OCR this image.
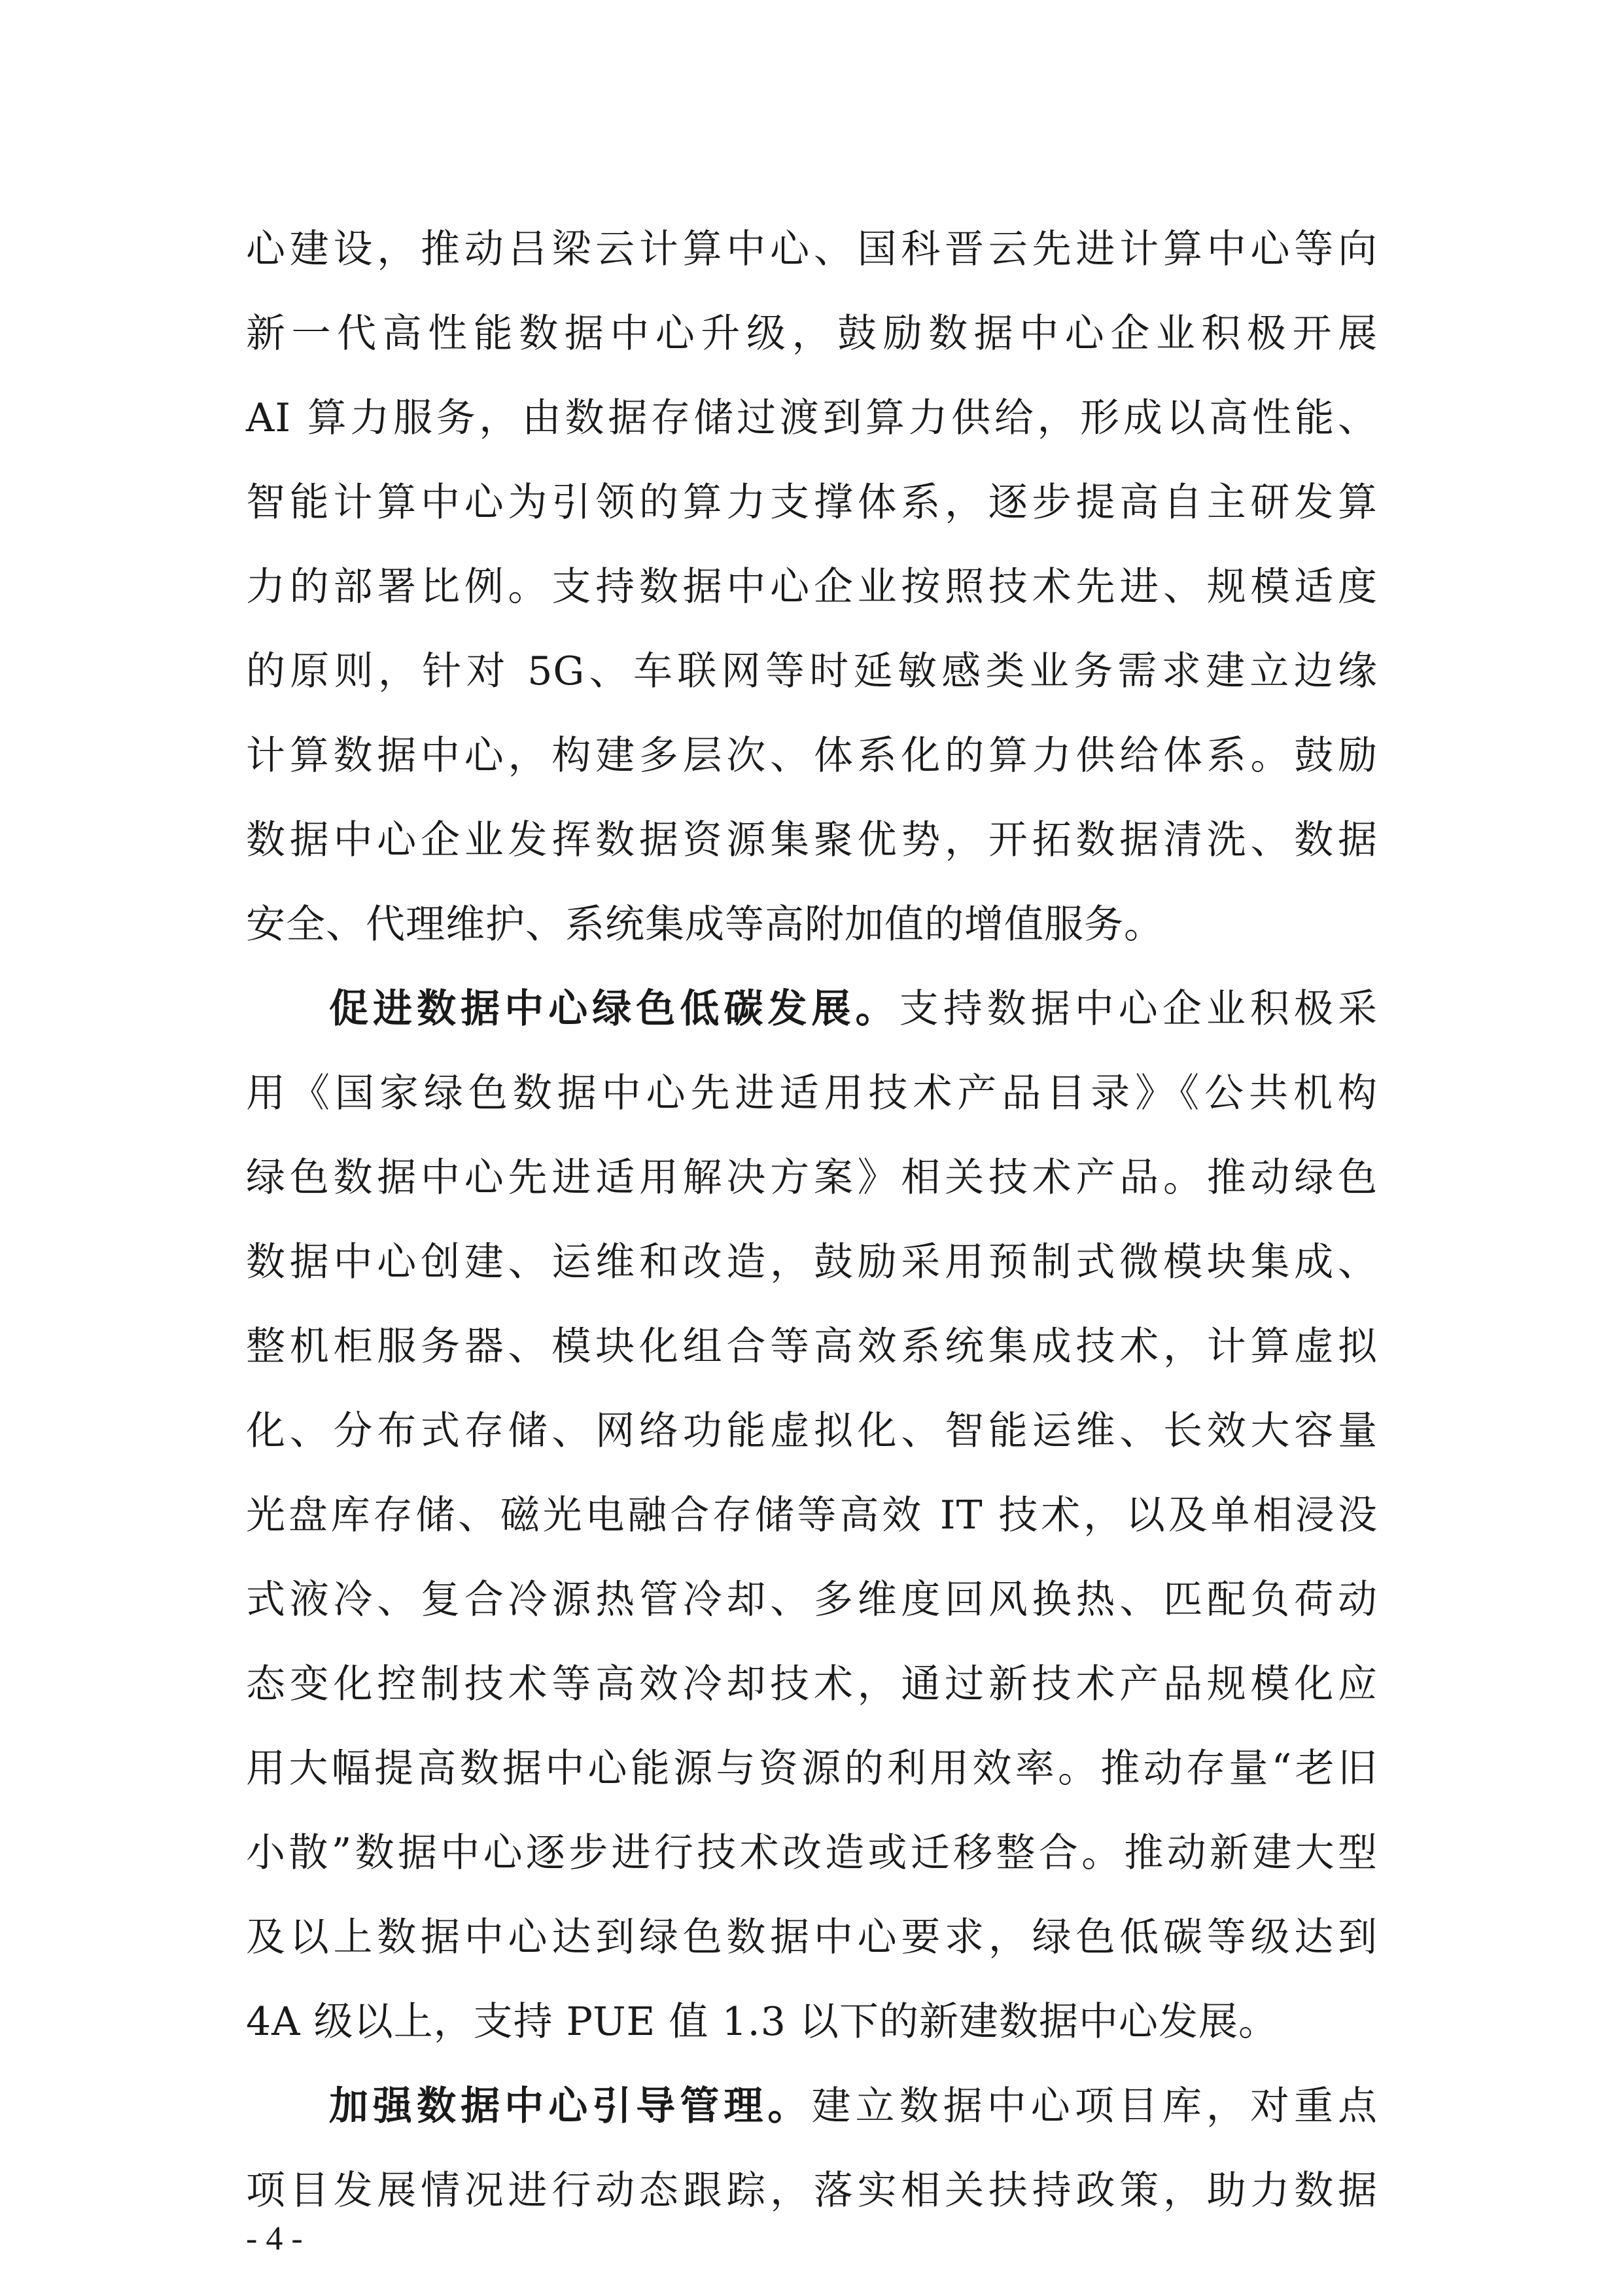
心建设，推动吕梁云计算中心、国科晋云先进计算中心等向
新一代高性能数据中心升级，鼓励数据中心企业积极开展
AI 算力服务，由数据存储过渡到算力供给，形成以高性能、
智能计算中心为引领的算力支撑体系，逐步提高自主研发算
力的部署比例。支持数据中心企业按照技术先进、规模适度
的原则，针对 5G、车联网等时延敏感类业务需求建立边缘
计算数据中心，构建多层次、体系化的算力供给体系。鼓励
数据中心企业发挥数据资源集聚优势，开拓数据清洗、数据
安全、代理维护、系统集成等高附加值的增值服务。
促进数据中心绿色低碳发展。支持数据中心企业积极采
用《国家绿色数据中心先进适用技术产品目录》《公共机构
绿色数据中心先进适用解决方案》相关技术产品。推动绿色
数据中心创建、运维和改造，鼓励采用预制式微模块集成、
整机柜服务器、模块化组合等高效系统集成技术，计算虚拟
化、分布式存储、网络功能虚拟化、智能运维、长效大容量
光盘库存储、磁光电融合存储等高效 IT 技术，以及单相浸没
式液冷、复合冷源热管冷却、多维度回风换热、匹配负荷动
态变化控制技术等高效冷却技术，通过新技术产品规模化应
用大幅提高数据中心能源与资源的利用效率。推动存量“老旧
小散”数据中心逐步进行技术改造或迁移整合。推动新建大型
及以上数据中心达到绿色数据中心要求，绿色低碳等级达到
4A 级以上，支持 PUE 值 1.3 以下的新建数据中心发展。
加强数据中心引导管理。建立数据中心项目库，对重点
项目发展情况进行动态跟踪，落实相关扶持政策，助力数据
- 4 -
